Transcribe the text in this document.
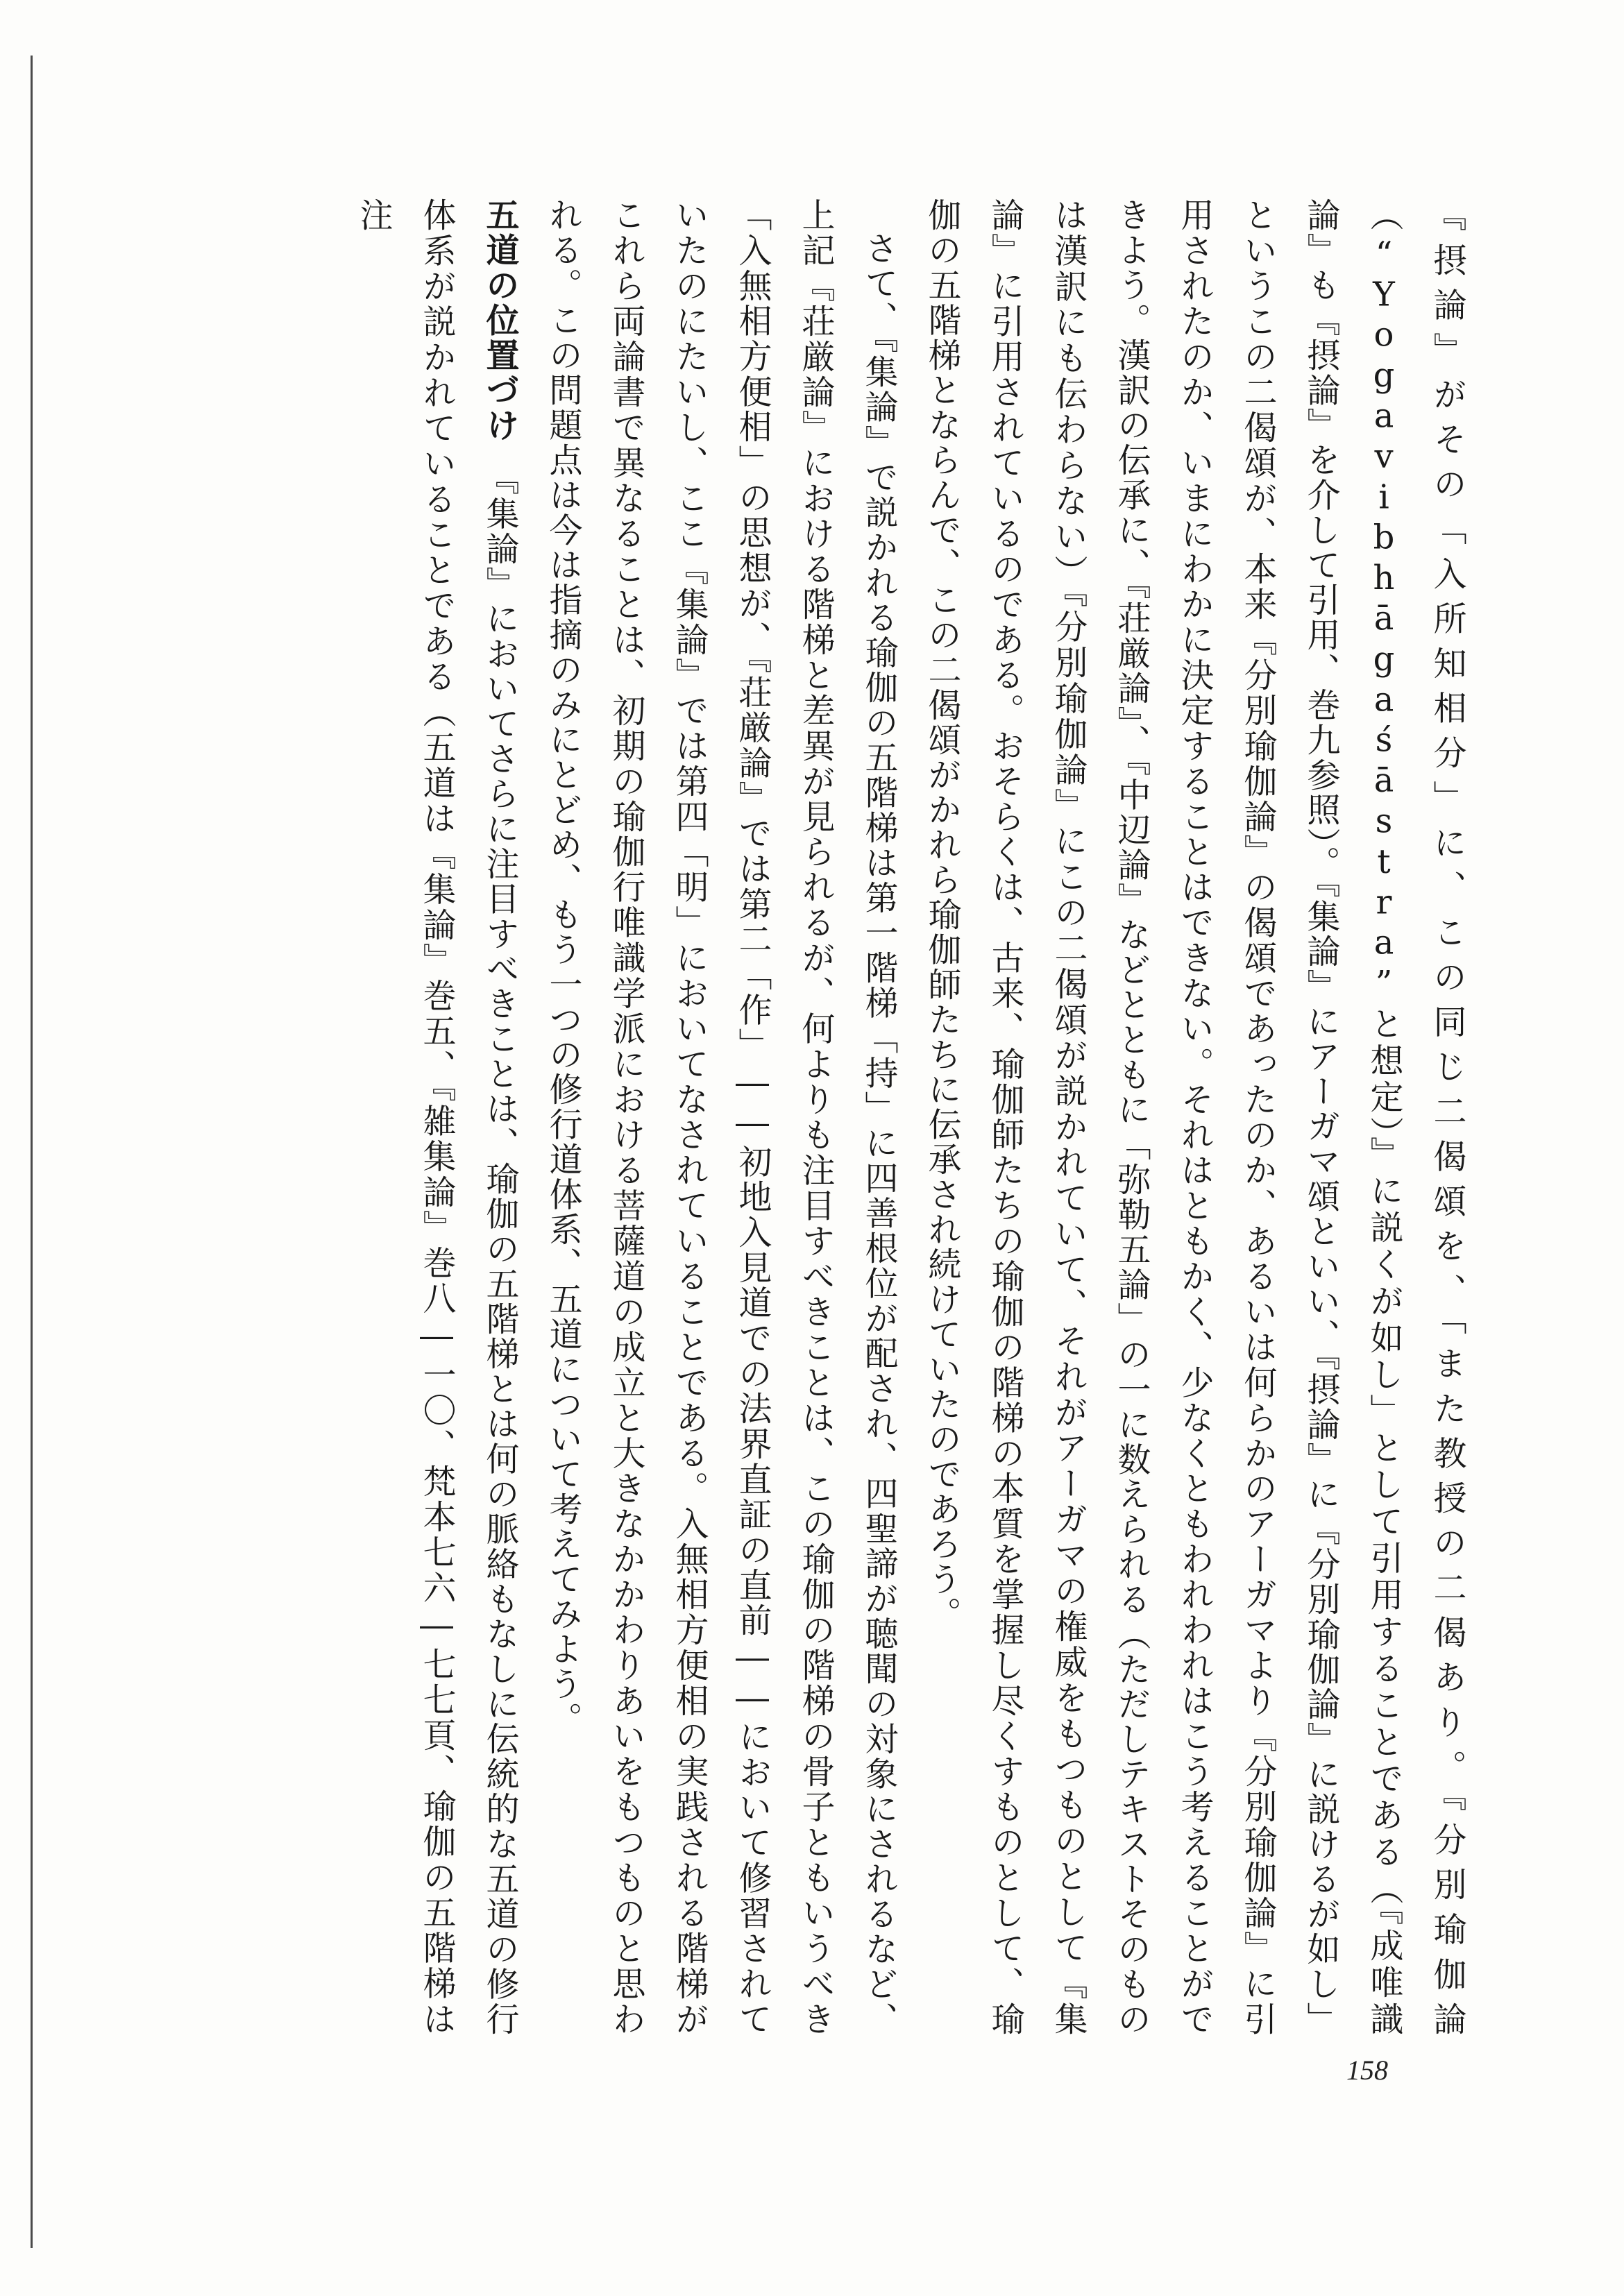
『摂論』がその「入所知相分」に、この同じ二偈頌を、「また教授の二偈あり。『分別瑜伽論（“Yogavibhāgaśāstra”と想定）』に説くが如し」として引用することである（『成唯識論』も『摂論』を介して引用、巻九参照）。『集論』にアーガマ頌といい、『摂論』に『分別瑜伽論』に説けるが如し」というこの二偈頌が、本来『分別瑜伽論』の偈頌であったのか、あるいは何らかのアーガマより『分別瑜伽論』に引用されたのか、いまにわかに決定することはできない。それはともかく、少なくともわれわれはこう考えることができよう。漢訳の伝承に、『荘厳論』、『中辺論』などとともに「弥勒五論」の一に数えられる（ただしテキストそのものは漢訳にも伝わらない）『分別瑜伽論』にこの二偈頌が説かれていて、それがアーガマの権威をもつものとして『集論』に引用されているのである。おそらくは、古来、瑜伽師たちの瑜伽の階梯の本質を掌握し尽くすものとして、瑜伽の五階梯とならんで、この二偈頌がかれら瑜伽師たちに伝承され続けていたのであろう。

さて、『集論』で説かれる瑜伽の五階梯は第一階梯「持」に四善根位が配され、四聖諦が聴聞の対象にされるなど、上記『荘厳論』における階梯と差異が見られるが、何よりも注目すべきことは、この瑜伽の階梯の骨子ともいうべき「入無相方便相」の思想が、『荘厳論』では第二「作」――初地入見道での法界直証の直前――において修習されていたのにたいし、ここ『集論』では第四「明」においてなされていることである。入無相方便相の実践される階梯がこれら両論書で異なることは、初期の瑜伽行唯識学派における菩薩道の成立と大きなかかわりあいをもつものと思われる。この問題点は今は指摘のみにとどめ、もう一つの修行道体系、五道について考えてみよう。

五道の位置づけ　『集論』においてさらに注目すべきことは、瑜伽の五階梯とは何の脈絡もなしに伝統的な五道の修行体系が説かれていることである（五道は『集論』巻五、『雑集論』巻八―一〇、梵本七六―七七頁、瑜伽の五階梯は注

158
